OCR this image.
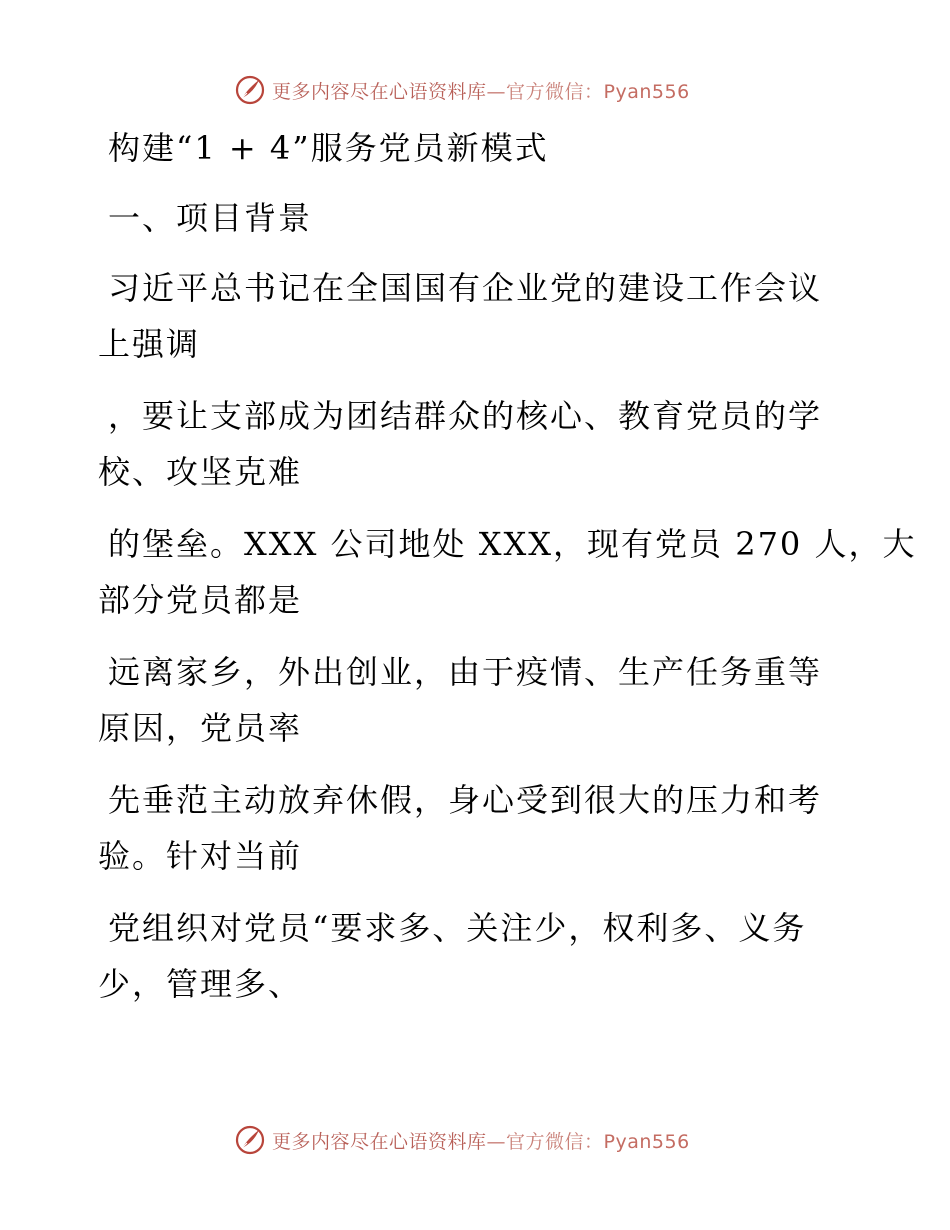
更多内容尽在心语资料库—官方微信：Pyan556
构建“1 + 4”服务党员新模式
一、项目背景
习近平总书记在全国国有企业党的建设工作会议
上强调
，要让支部成为团结群众的核心、教育党员的学
校、攻坚克难
的堡垒。XXX 公司地处 XXX，现有党员 270 人，大
部分党员都是
远离家乡，外出创业，由于疫情、生产任务重等
原因，党员率
先垂范主动放弃休假，身心受到很大的压力和考
验。针对当前
党组织对党员“要求多、关注少，权利多、义务
少，管理多、
更多内容尽在心语资料库—官方微信：Pyan556
